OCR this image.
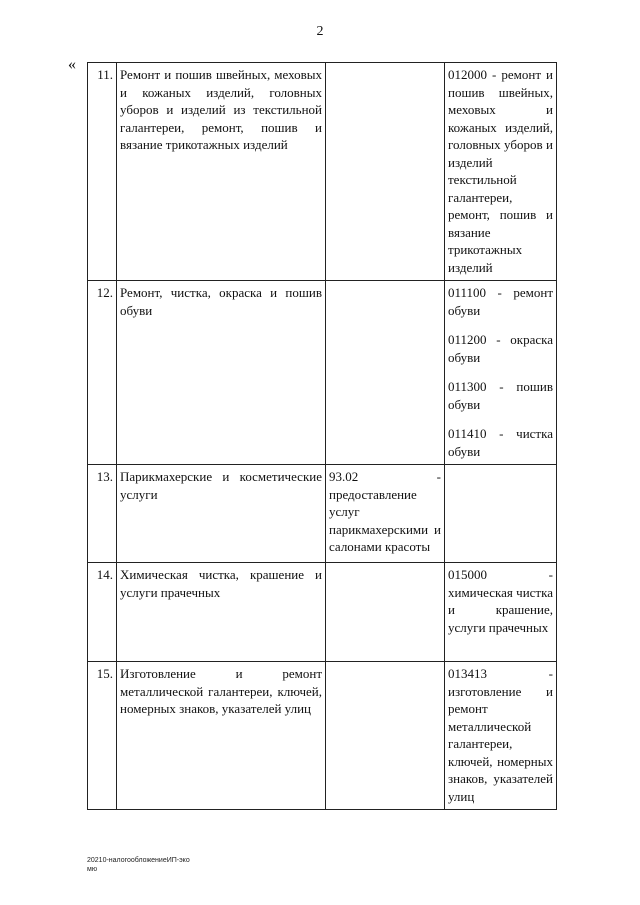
2
«
11.	Ремонт и пошив швейных, меховых и кожаных изделий, головных уборов и изделий из текстильной галантереи, ремонт, пошив и вязание трикотажных изделий		012000 - ремонт и пошив швейных, меховых и кожаных изделий, головных уборов и изделий текстильной галантереи, ремонт, пошив и вязание трикотажных изделий

12.	Ремонт, чистка, окраска и пошив обуви		011100 - ремонт обуви

011200 - окраска обуви

011300 - пошив обуви

011410 - чистка обуви

13.	Парикмахерские и косметические услуги	93.02 - предоставление услуг парикмахерскими и салонами красоты	
14.	Химическая чистка, крашение и услуги прачечных		015000 - химическая чистка и крашение, услуги прачечных

15.	Изготовление и ремонт металлической галантереи, ключей, номерных знаков, указателей улиц		013413 - изготовление и ремонт металлической галантереи, ключей, номерных знаков, указателей улиц

20210-налогообложениеИП-эко
мю
